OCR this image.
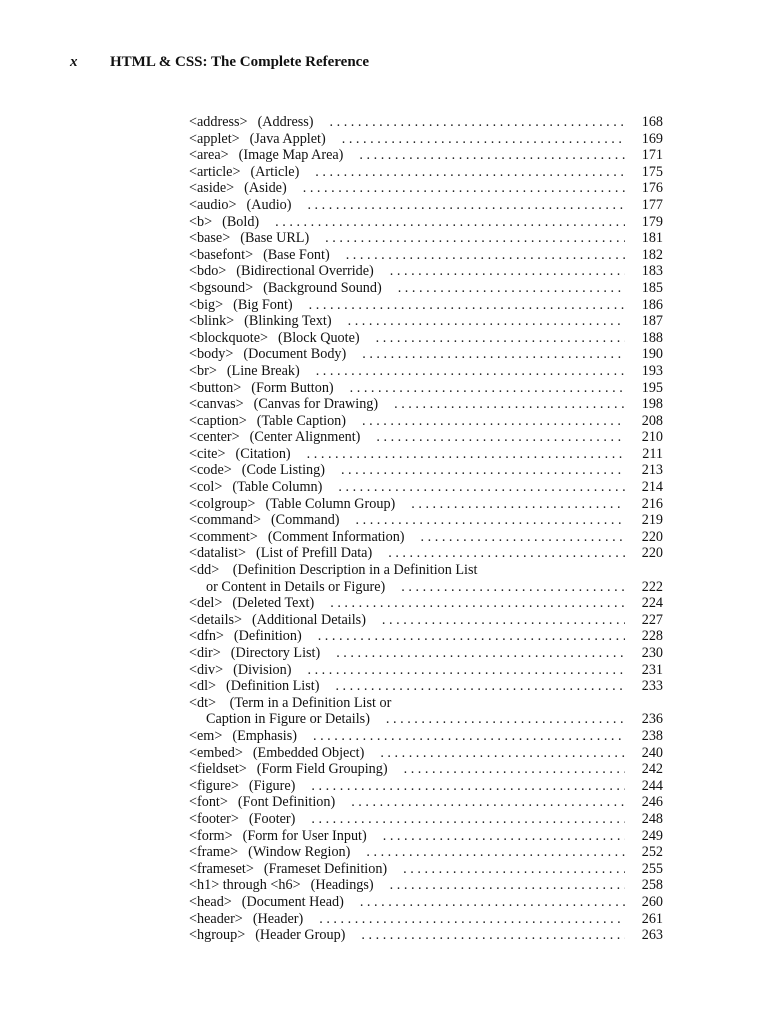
x	HTML & CSS: The Complete Reference
<address> (Address) . . .	168
<applet> (Java Applet) . . .	169
<area> (Image Map Area) . . .	171
<article> (Article) . . .	175
<aside> (Aside) . . .	176
<audio> (Audio) . . .	177
<b> (Bold) . . .	179
<base> (Base URL) . . .	181
<basefont> (Base Font) . . .	182
<bdo> (Bidirectional Override) . . .	183
<bgsound> (Background Sound) . . .	185
<big> (Big Font) . . .	186
<blink> (Blinking Text) . . .	187
<blockquote> (Block Quote) . . .	188
<body> (Document Body) . . .	190
<br> (Line Break) . . .	193
<button> (Form Button) . . .	195
<canvas> (Canvas for Drawing) . . .	198
<caption> (Table Caption) . . .	208
<center> (Center Alignment) . . .	210
<cite> (Citation) . . .	211
<code> (Code Listing) . . .	213
<col> (Table Column) . . .	214
<colgroup> (Table Column Group) . . .	216
<command> (Command) . . .	219
<comment> (Comment Information) . . .	220
<datalist> (List of Prefill Data) . . .	220
<dd> (Definition Description in a Definition List
or Content in Details or Figure) . . .	222
<del> (Deleted Text) . . .	224
<details> (Additional Details) . . .	227
<dfn> (Definition) . . .	228
<dir> (Directory List) . . .	230
<div> (Division) . . .	231
<dl> (Definition List) . . .	233
<dt> (Term in a Definition List or
Caption in Figure or Details) . . .	236
<em> (Emphasis) . . .	238
<embed> (Embedded Object) . . .	240
<fieldset> (Form Field Grouping) . . .	242
<figure> (Figure) . . .	244
<font> (Font Definition) . . .	246
<footer> (Footer) . . .	248
<form> (Form for User Input) . . .	249
<frame> (Window Region) . . .	252
<frameset> (Frameset Definition) . . .	255
<h1> through <h6> (Headings) . . .	258
<head> (Document Head) . . .	260
<header> (Header) . . .	261
<hgroup> (Header Group) . . .	263
